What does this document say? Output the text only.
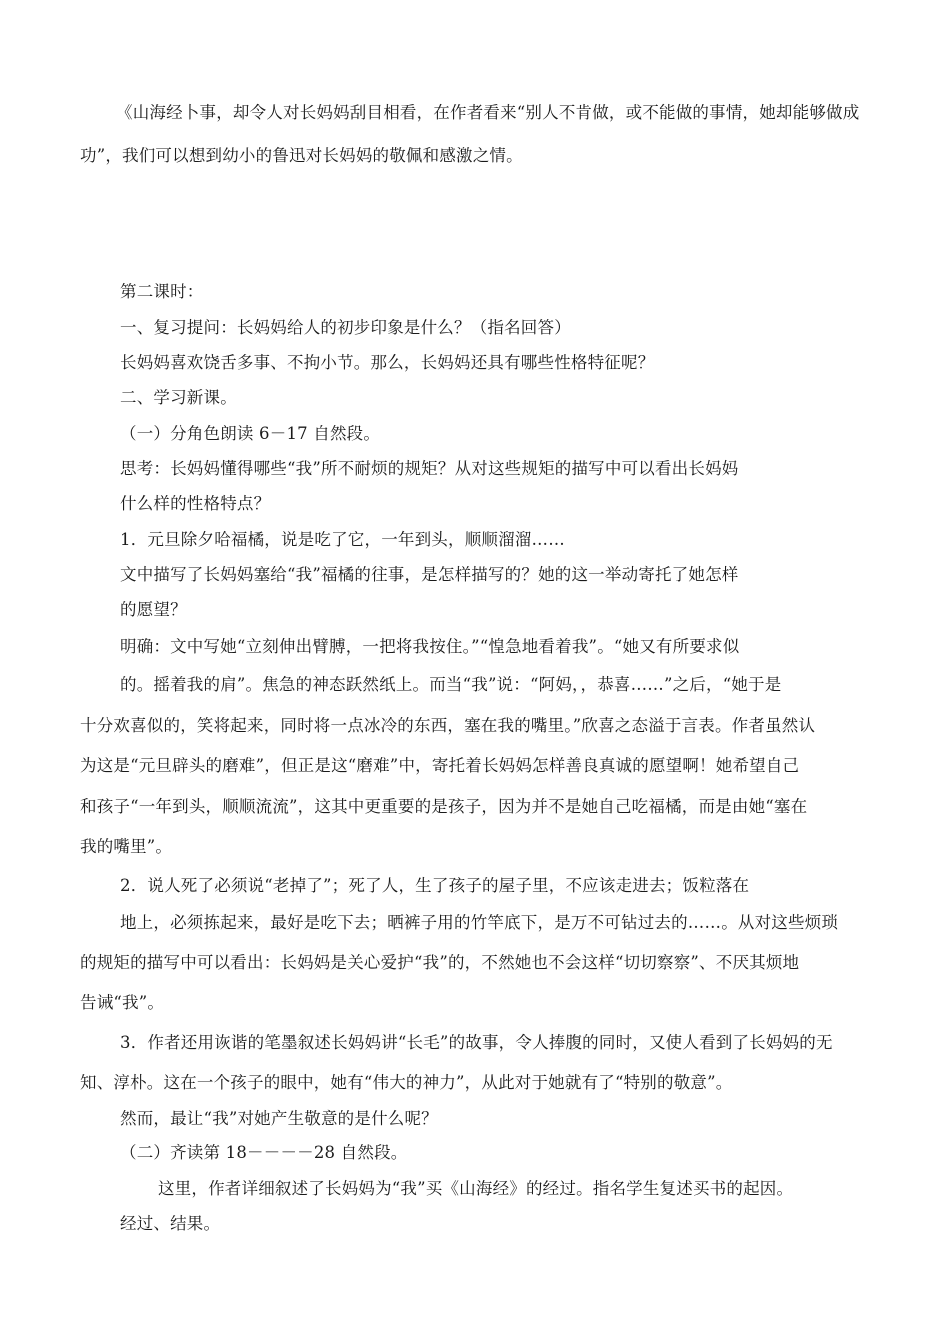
《山海经卜事，却令人对长妈妈刮目相看，在作者看来“别人不肯做，或不能做的事情，她却能够做成
功”，我们可以想到幼小的鲁迅对长妈妈的敬佩和感激之情。
第二课时：
一、复习提问：长妈妈给人的初步印象是什么？（指名回答）
长妈妈喜欢饶舌多事、不拘小节。那么，长妈妈还具有哪些性格特征呢？
二、学习新课。
（一）分角色朗读 6－17 自然段。
思考：长妈妈懂得哪些“我”所不耐烦的规矩？从对这些规矩的描写中可以看出长妈妈
什么样的性格特点？
1．元旦除夕哈福橘，说是吃了它，一年到头，顺顺溜溜……
文中描写了长妈妈塞给“我”福橘的往事，是怎样描写的？她的这一举动寄托了她怎样
的愿望？
明确：文中写她“立刻伸出臂膊，一把将我按住。”“惶急地看着我”。“她又有所要求似
的。摇着我的肩”。焦急的神态跃然纸上。而当“我”说：“阿妈，，恭喜……”之后，“她于是
十分欢喜似的，笑将起来，同时将一点冰冷的东西，塞在我的嘴里。”欣喜之态溢于言表。作者虽然认
为这是“元旦辟头的磨难”，但正是这“磨难”中，寄托着长妈妈怎样善良真诚的愿望啊！她希望自己
和孩子“一年到头，顺顺流流”，这其中更重要的是孩子，因为并不是她自己吃福橘，而是由她“塞在
我的嘴里”。
2．说人死了必须说“老掉了”；死了人，生了孩子的屋子里，不应该走进去；饭粒落在
地上，必须拣起来，最好是吃下去；晒裤子用的竹竿底下，是万不可钻过去的……。从对这些烦琐
的规矩的描写中可以看出：长妈妈是关心爱护“我”的，不然她也不会这样“切切察察”、不厌其烦地
告诫“我”。
3．作者还用诙谐的笔墨叙述长妈妈讲“长毛”的故事，令人捧腹的同时，又使人看到了长妈妈的无
知、淳朴。这在一个孩子的眼中，她有“伟大的神力”，从此对于她就有了“特别的敬意”。
然而，最让“我”对她产生敬意的是什么呢？
（二）齐读第 18－－－－28 自然段。
这里，作者详细叙述了长妈妈为“我”买《山海经》的经过。指名学生复述买书的起因。
经过、结果。
